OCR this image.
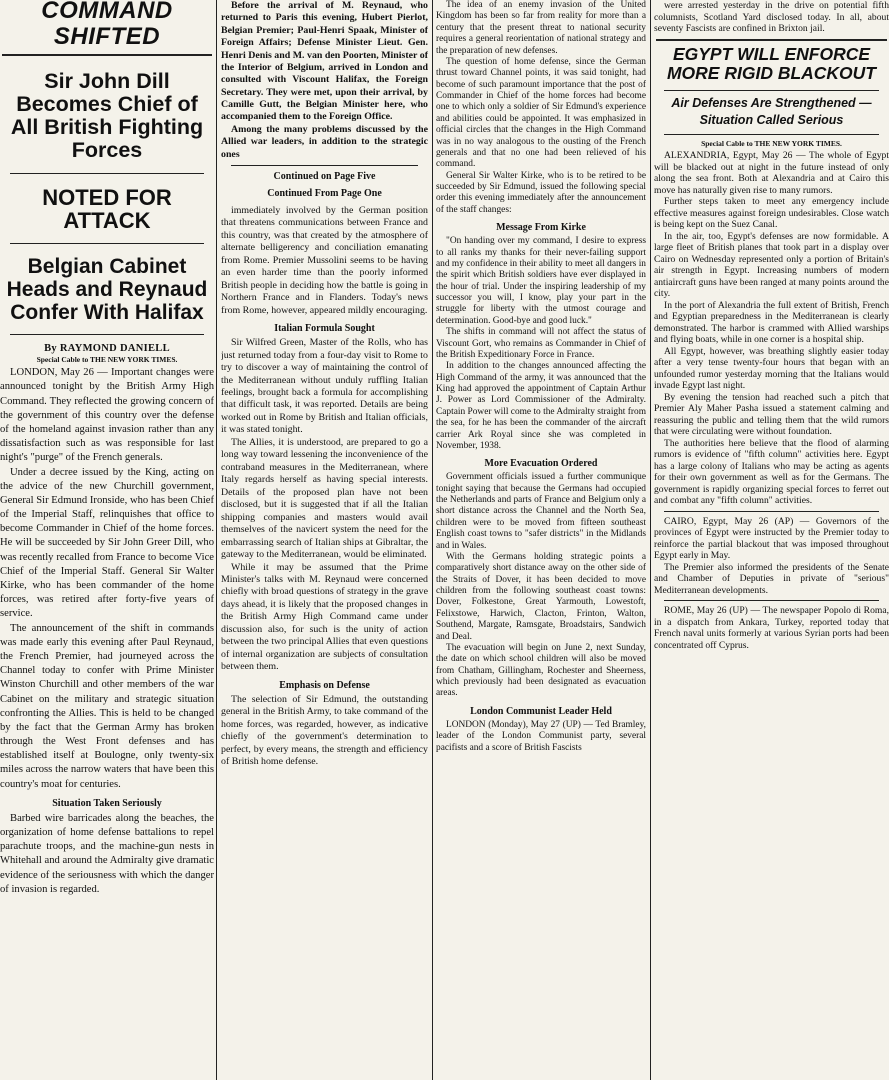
COMMAND SHIFTED
Sir John Dill Becomes Chief of All British Fighting Forces
NOTED FOR ATTACK
Belgian Cabinet Heads and Reynaud Confer With Halifax
By RAYMOND DANIELL
Special Cable to THE NEW YORK TIMES.

LONDON, May 26 — Important changes were announced tonight by the British Army High Command. They reflected the growing concern of the government of this country over the defense of the homeland against invasion rather than any dissatisfaction such as was responsible for last night's "purge" of the French generals.

Under a decree issued by the King, acting on the advice of the new Churchill government, General Sir Edmund Ironside, who has been Chief of the Imperial Staff, relinquishes that office to become Commander in Chief of the home forces. He will be succeeded by Sir John Greer Dill, who was recently recalled from France to become Vice Chief of the Imperial Staff. General Sir Walter Kirke, who has been commander of the home forces, was retired after forty-five years of service.

The announcement of the shift in commands was made early this evening after Paul Reynaud, the French Premier, had journeyed across the Channel today to confer with Prime Minister Winston Churchill and other members of the war Cabinet on the military and strategic situation confronting the Allies. This is held to be changed by the fact that the German Army has broken through the West Front defenses and has established itself at Boulogne, only twenty-six miles across the narrow waters that have been this country's moat for centuries.

Situation Taken Seriously

Barbed wire barricades along the beaches, the organization of home defense battalions to repel parachute troops, and the machine-gun nests in Whitehall and around the Admiralty give dramatic evidence of the seriousness with which the danger of invasion is regarded.

Before the arrival of M. Reynaud, who returned to Paris this evening, Hubert Pierlot, Belgian Premier; Paul-Henri Spaak, Minister of Foreign Affairs; Defense Minister Lieut. Gen. Henri Denis and M. van den Poorten, Minister of the Interior of Belgium, arrived in London and consulted with Viscount Halifax, the Foreign Secretary. They were met, upon their arrival, by Camille Gutt, the Belgian Minister here, who accompanied them to the Foreign Office.

Among the many problems discussed by the Allied war leaders, in addition to the strategic ones

Continued on Page Five
Continued From Page One

immediately involved by the German position that threatens communications between France and this country, was that created by the atmosphere of alternate belligerency and conciliation emanating from Rome. Premier Mussolini seems to be having an even harder time than the poorly informed British people in deciding how the battle is going in Northern France and in Flanders. Today's news from Rome, however, appeared mildly encouraging.

Italian Formula Sought

Sir Wilfred Green, Master of the Rolls, who has just returned today from a four-day visit to Rome to try to discover a way of maintaining the control of the Mediterranean without unduly ruffling Italian feelings, brought back a formula for accomplishing that difficult task, it was reported. Details are being worked out in Rome by British and Italian officials, it was stated tonight.

The Allies, it is understood, are prepared to go a long way toward lessening the inconvenience of the contraband measures in the Mediterranean, where Italy regards herself as having special interests. Details of the proposed plan have not been disclosed, but it is suggested that if all the Italian shipping companies and masters would avail themselves of the navicert system the need for the embarrassing search of Italian ships at Gibraltar, the gateway to the Mediterranean, would be eliminated.

While it may be assumed that the Prime Minister's talks with M. Reynaud were concerned chiefly with broad questions of strategy in the grave days ahead, it is likely that the proposed changes in the British Army High Command came under discussion also, for such is the unity of action between the two principal Allies that even questions of internal organization are subjects of consultation between them.

Emphasis on Defense

The selection of Sir Edmund, the outstanding general in the British Army, to take command of the home forces, was regarded, however, as indicative chiefly of the government's determination to perfect, by every means, the strength and efficiency of British home defense.

The idea of an enemy invasion of the United Kingdom has been so far from reality for more than a century that the present threat to national security requires a general reorientation of national strategy and the preparation of new defenses.

The question of home defense, since the German thrust toward Channel points, it was said tonight, had become of such paramount importance that the post of Commander in Chief of the home forces had become one to which only a soldier of Sir Edmund's experience and abilities could be appointed. It was emphasized in official circles that the changes in the High Command was in no way analogous to the ousting of the French generals and that no one had been relieved of his command.

General Sir Walter Kirke, who is to be retired to be succeeded by Sir Edmund, issued the following special order this evening immediately after the announcement of the staff changes:

Message From Kirke

"On handing over my command, I desire to express to all ranks my thanks for their never-failing support and my confidence in their ability to meet all dangers in the spirit which British soldiers have ever displayed in the hour of trial. Under the inspiring leadership of my successor you will, I know, play your part in the struggle for liberty with the utmost courage and determination. Good-bye and good luck."

The shifts in command will not affect the status of Viscount Gort, who remains as Commander in Chief of the British Expeditionary Force in France.

In addition to the changes announced affecting the High Command of the army, it was announced that the King had approved the appointment of Captain Arthur J. Power as Lord Commissioner of the Admiralty. Captain Power will come to the Admiralty straight from the sea, for he has been the commander of the aircraft carrier Ark Royal since she was completed in November, 1938.

More Evacuation Ordered

Government officials issued a further communique tonight saying that because the Germans had occupied the Netherlands and parts of France and Belgium only a short distance across the Channel and the North Sea, children were to be moved from fifteen southeast English coast towns to "safer districts" in the Midlands and in Wales.

With the Germans holding strategic points a comparatively short distance away on the other side of the Straits of Dover, it has been decided to move children from the following southeast coast towns: Dover, Folkestone, Great Yarmouth, Lowestoft, Felixstowe, Harwich, Clacton, Frinton, Walton, Southend, Margate, Ramsgate, Broadstairs, Sandwich and Deal.

The evacuation will begin on June 2, next Sunday, the date on which school children will also be moved from Chatham, Gillingham, Rochester and Sheerness, which previously had been designated as evacuation areas.

London Communist Leader Held

LONDON (Monday), May 27 (UP) — Ted Bramley, leader of the London Communist party, several pacifists and a score of British Fascists

were arrested yesterday in the drive on potential fifth columnists, Scotland Yard disclosed today. In all, about seventy Fascists are confined in Brixton jail.

EGYPT WILL ENFORCE MORE RIGID BLACKOUT
Air Defenses Are Strengthened —Situation Called Serious
Special Cable to THE NEW YORK TIMES.

ALEXANDRIA, Egypt, May 26 — The whole of Egypt will be blacked out at night in the future instead of only along the sea front. Both at Alexandria and at Cairo this move has naturally given rise to many rumors.

Further steps taken to meet any emergency include effective measures against foreign undesirables. Close watch is being kept on the Suez Canal.

In the air, too, Egypt's defenses are now formidable. A large fleet of British planes that took part in a display over Cairo on Wednesday represented only a portion of Britain's air strength in Egypt. Increasing numbers of modern antiaircraft guns have been ranged at many points around the city.

In the port of Alexandria the full extent of British, French and Egyptian preparedness in the Mediterranean is clearly demonstrated. The harbor is crammed with Allied warships and flying boats, while in one corner is a hospital ship.

All Egypt, however, was breathing slightly easier today after a very tense twenty-four hours that began with an unfounded rumor yesterday morning that the Italians would invade Egypt last night.

By evening the tension had reached such a pitch that Premier Aly Maher Pasha issued a statement calming and reassuring the public and telling them that the wild rumors that were circulating were without foundation.

The authorities here believe that the flood of alarming rumors is evidence of "fifth column" activities here. Egypt has a large colony of Italians who may be acting as agents for their own government as well as for the Germans. The government is rapidly organizing special forces to ferret out and combat any "fifth column" activities.

CAIRO, Egypt, May 26 (AP) — Governors of the provinces of Egypt were instructed by the Premier today to reinforce the partial blackout that was imposed throughout Egypt early in May.

The Premier also informed the presidents of the Senate and Chamber of Deputies in private of "serious" Mediterranean developments.

ROME, May 26 (UP) — The newspaper Popolo di Roma, in a dispatch from Ankara, Turkey, reported today that French naval units formerly at various Syrian ports had been concentrated off Cyprus.
